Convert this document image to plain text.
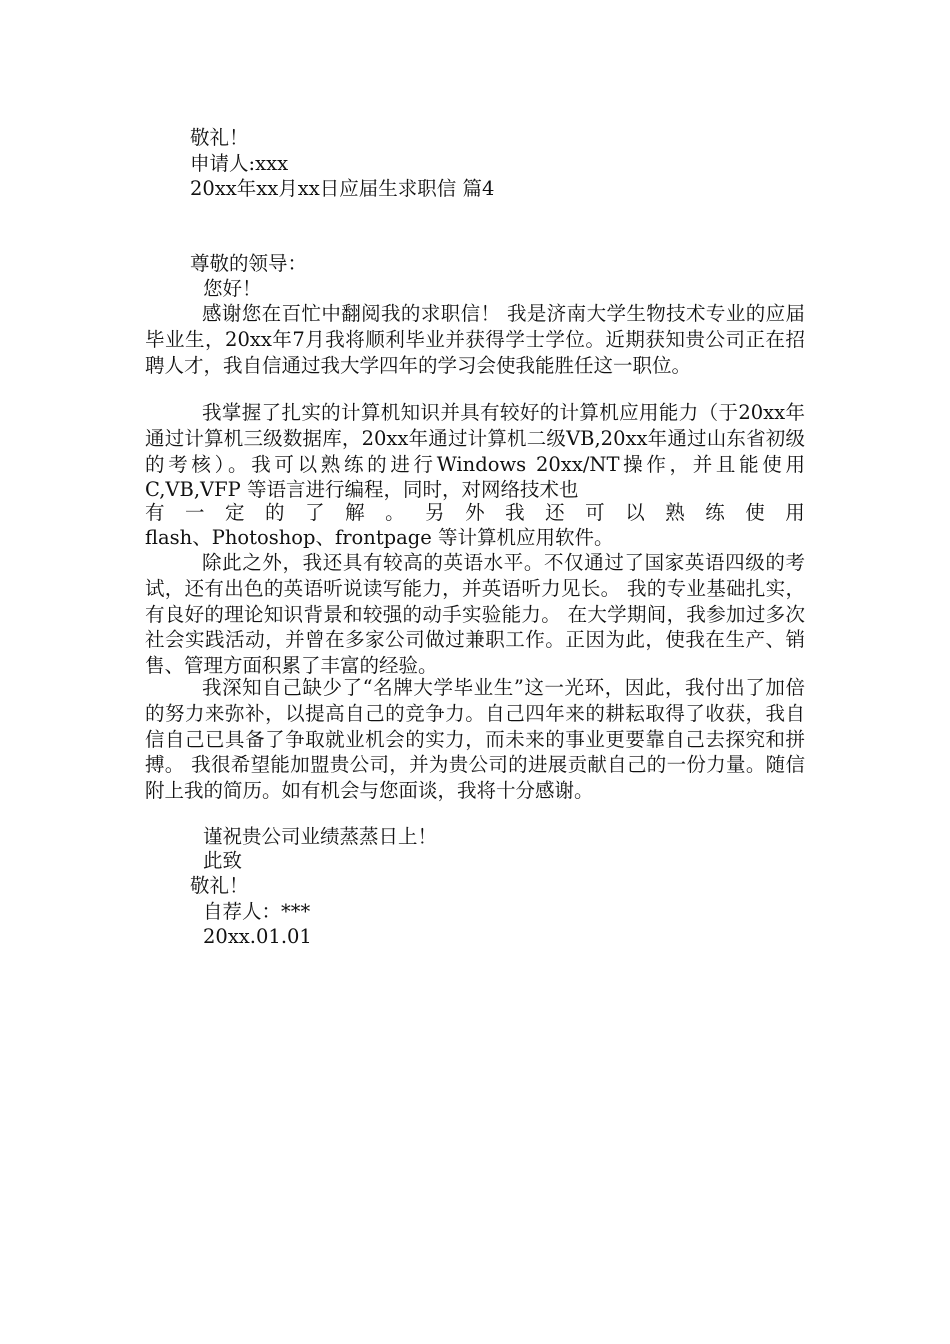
敬礼！
申请人:xxx
20xx年xx月xx日应届生求职信 篇4
尊敬的领导：
您好！
感谢您在百忙中翻阅我的求职信！ 我是济南大学生物技术专业的应届毕业生，20xx年7月我将顺利毕业并获得学士学位。近期获知贵公司正在招聘人才，我自信通过我大学四年的学习会使我能胜任这一职位。
我掌握了扎实的计算机知识并具有较好的计算机应用能力（于20xx年通过计算机三级数据库，20xx年通过计算机二级VB,20xx年通过山东省初级的考核）。我可以熟练的进行Windows 20xx/NT操作，并且能使用C,VB,VFP 等语言进行编程，同时，对网络技术也
有 一 定 的 了 解 。 另 外 我 还 可 以 熟 练 使 用
flash、Photoshop、frontpage 等计算机应用软件。
除此之外，我还具有较高的英语水平。不仅通过了国家英语四级的考试，还有出色的英语听说读写能力，并英语听力见长。 我的专业基础扎实，有良好的理论知识背景和较强的动手实验能力。 在大学期间，我参加过多次社会实践活动，并曾在多家公司做过兼职工作。正因为此，使我在生产、销售、管理方面积累了丰富的经验。
我深知自己缺少了“名牌大学毕业生”这一光环，因此，我付出了加倍的努力来弥补，以提高自己的竞争力。自己四年来的耕耘取得了收获，我自信自己已具备了争取就业机会的实力，而未来的事业更要靠自己去探究和拼搏。 我很希望能加盟贵公司，并为贵公司的进展贡献自己的一份力量。随信附上我的简历。如有机会与您面谈，我将十分感谢。
谨祝贵公司业绩蒸蒸日上！
此致
敬礼！
自荐人：***
20xx.01.01
